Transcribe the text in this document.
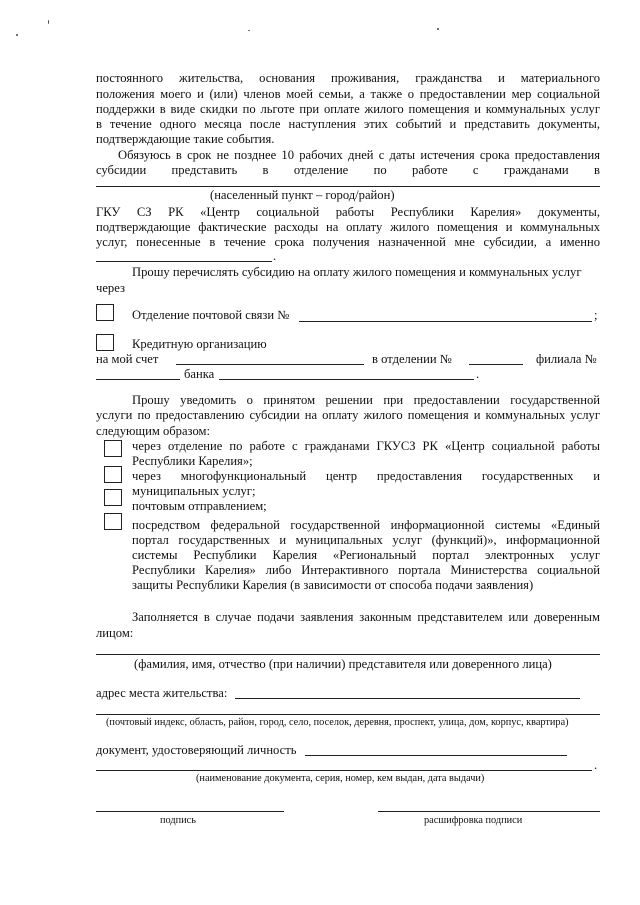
постоянного жительства, основания проживания, гражданства и материального
положения моего и (или) членов моей семьи, а также о предоставлении мер социальной
поддержки в виде скидки по льготе при оплате жилого помещения и коммунальных услуг
в течение одного месяца после наступления этих событий и представить документы,
подтверждающие такие события.
Обязуюсь в срок не позднее 10 рабочих дней с даты истечения срока предоставления
субсидии представить в отделение по работе с гражданами в
(населенный пункт – город/район)
ГКУ СЗ РК «Центр социальной работы Республики Карелия» документы,
подтверждающие фактические расходы на оплату жилого помещения и коммунальных
услуг, понесенные в течение срока получения назначенной мне субсидии, а именно
.
Прошу перечислять субсидию на оплату жилого помещения и коммунальных услуг
через
Отделение почтовой связи №	;
Кредитную организацию
на мой счет	в отделении №	филиала №
банка	.
Прошу уведомить о принятом решении при предоставлении государственной
услуги по предоставлению субсидии на оплату жилого помещения и коммунальных услуг
следующим образом:
через отделение по работе с гражданами ГКУСЗ РК «Центр социальной работы
Республики Карелия»;
через многофункциональный центр предоставления государственных и
муниципальных услуг;
почтовым отправлением;
посредством федеральной государственной информационной системы «Единый
портал государственных и муниципальных услуг (функций)», информационной
системы Республики Карелия «Региональный портал электронных услуг
Республики Карелия» либо Интерактивного портала Министерства социальной
защиты Республики Карелия (в зависимости от способа подачи заявления)
Заполняется в случае подачи заявления законным представителем или доверенным
лицом:
(фамилия, имя, отчество (при наличии) представителя или доверенного лица)
адрес места жительства:
(почтовый индекс, область, район, город, село, поселок, деревня, проспект, улица, дом, корпус, квартира)
документ, удостоверяющий личность
.
(наименование документа, серия, номер, кем выдан, дата выдачи)
подпись	расшифровка подписи
